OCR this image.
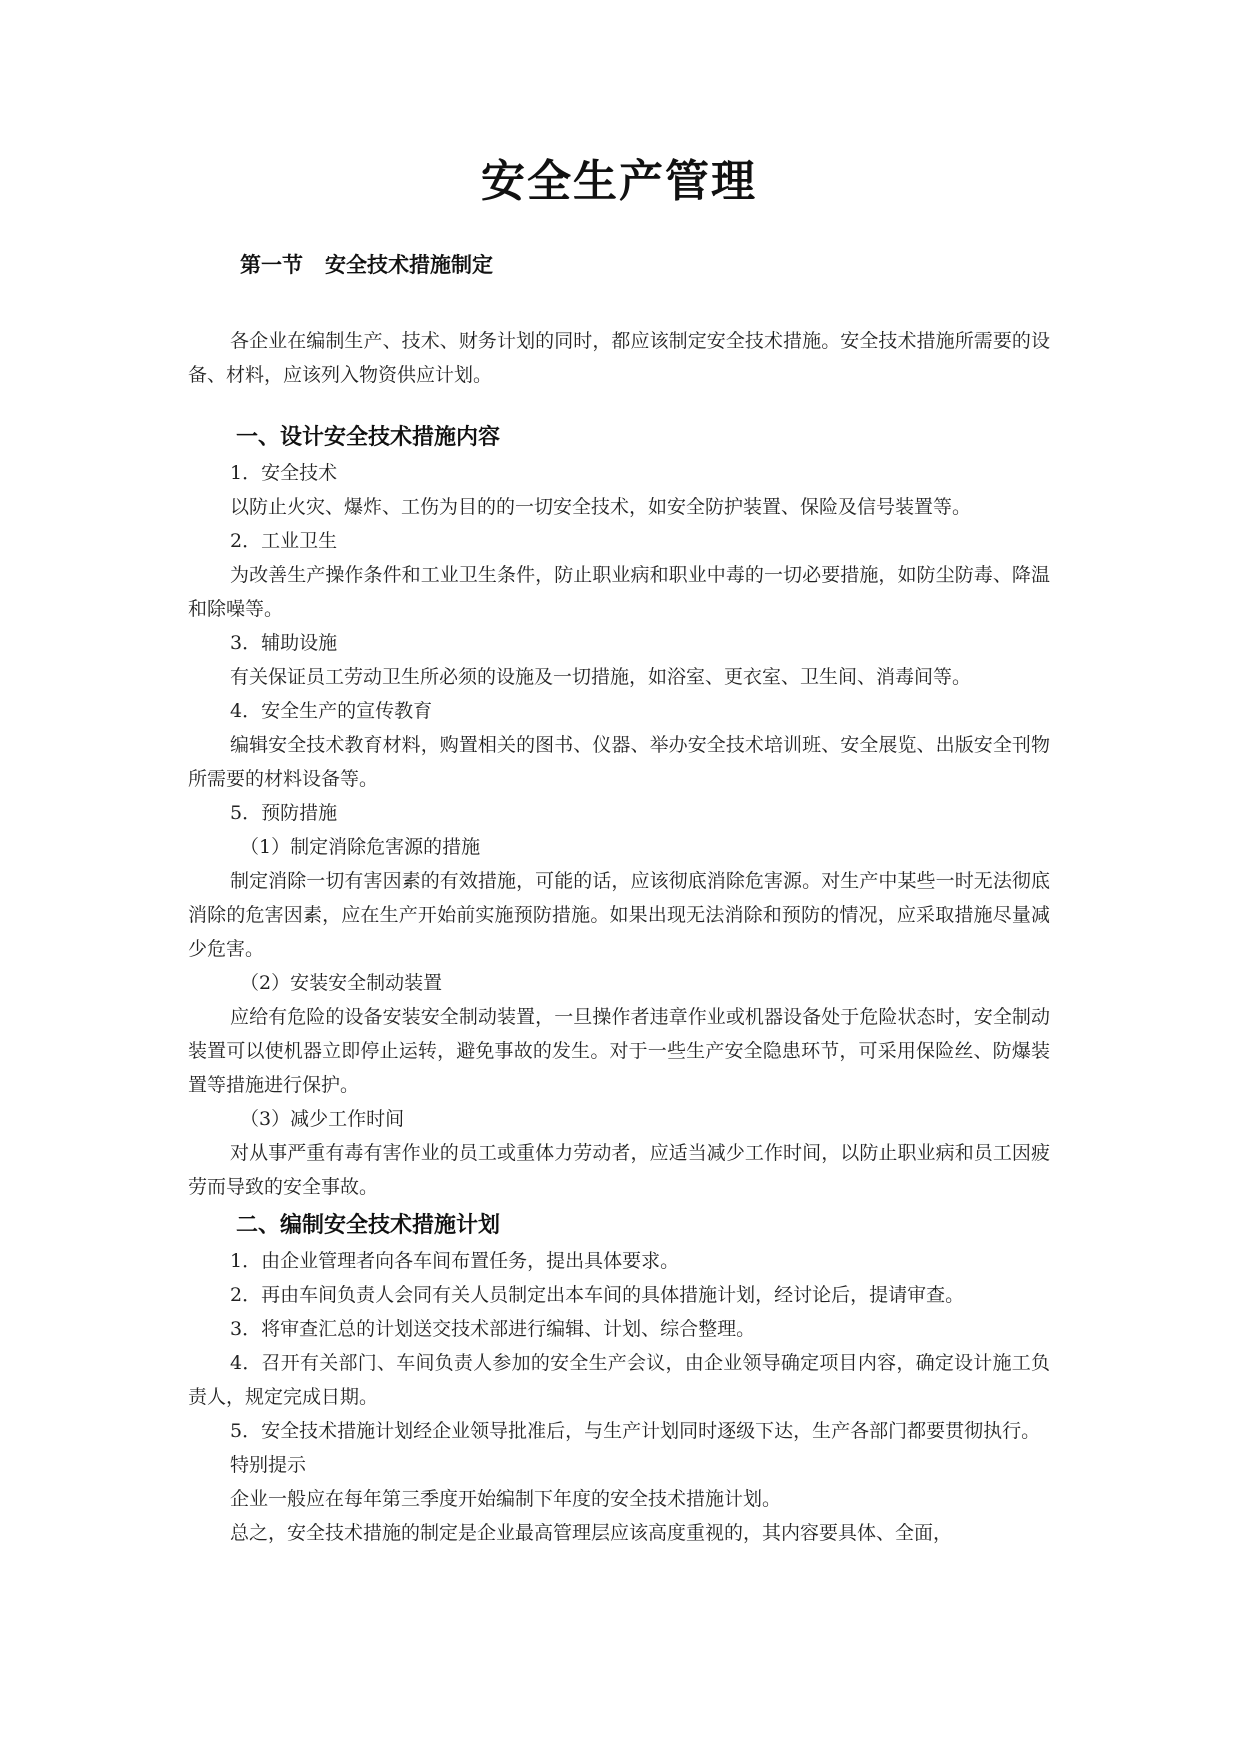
安全生产管理
第一节 安全技术措施制定

各企业在编制生产、技术、财务计划的同时，都应该制定安全技术措施。安全技术措施所需要的设备、材料，应该列入物资供应计划。

一、设计安全技术措施内容
1．安全技术

以防止火灾、爆炸、工伤为目的的一切安全技术，如安全防护装置、保险及信号装置等。

2．工业卫生

为改善生产操作条件和工业卫生条件，防止职业病和职业中毒的一切必要措施，如防尘防毒、降温和除噪等。

3．辅助设施

有关保证员工劳动卫生所必须的设施及一切措施，如浴室、更衣室、卫生间、消毒间等。

4．安全生产的宣传教育

编辑安全技术教育材料，购置相关的图书、仪器、举办安全技术培训班、安全展览、出版安全刊物所需要的材料设备等。

5．预防措施
（1）制定消除危害源的措施

制定消除一切有害因素的有效措施，可能的话，应该彻底消除危害源。对生产中某些一时无法彻底消除的危害因素，应在生产开始前实施预防措施。如果出现无法消除和预防的情况，应采取措施尽量减少危害。

（2）安装安全制动装置

应给有危险的设备安装安全制动装置，一旦操作者违章作业或机器设备处于危险状态时，安全制动装置可以使机器立即停止运转，避免事故的发生。对于一些生产安全隐患环节，可采用保险丝、防爆装置等措施进行保护。

（3）减少工作时间

对从事严重有毒有害作业的员工或重体力劳动者，应适当减少工作时间，以防止职业病和员工因疲劳而导致的安全事故。

二、编制安全技术措施计划

1．由企业管理者向各车间布置任务，提出具体要求。

2．再由车间负责人会同有关人员制定出本车间的具体措施计划，经讨论后，提请审查。

3．将审查汇总的计划送交技术部进行编辑、计划、综合整理。

4．召开有关部门、车间负责人参加的安全生产会议，由企业领导确定项目内容，确定设计施工负责人，规定完成日期。

5．安全技术措施计划经企业领导批准后，与生产计划同时逐级下达，生产各部门都要贯彻执行。

特别提示

企业一般应在每年第三季度开始编制下年度的安全技术措施计划。

总之，安全技术措施的制定是企业最高管理层应该高度重视的，其内容要具体、全面，
